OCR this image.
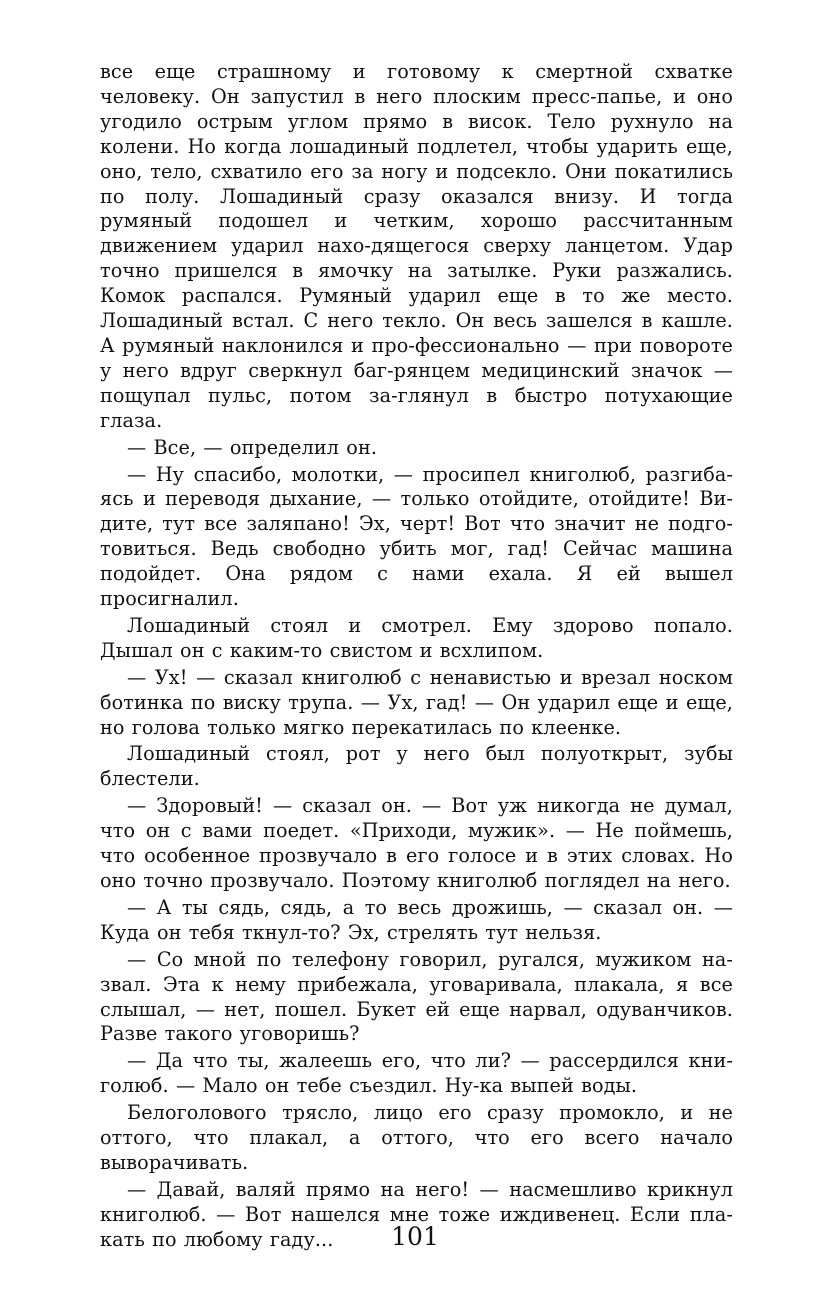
все еще страшному и готовому к смертной схватке человеку. Он запустил в него плоским пресс-папье, и оно угодило острым углом прямо в висок. Тело рухнуло на колени. Но когда лошадиный подлетел, чтобы ударить еще, оно, тело, схватило его за ногу и подсекло. Они покатились по полу. Лошадиный сразу оказался внизу. И тогда румяный подошел и четким, хорошо рассчитанным движением ударил нахо-дящегося сверху ланцетом. Удар точно пришелся в ямочку на затылке. Руки разжались. Комок распался. Румяный ударил еще в то же место. Лошадиный встал. С него текло. Он весь зашелся в кашле. А румяный наклонился и про-фессионально — при повороте у него вдруг сверкнул баг-рянцем медицинский значок — пощупал пульс, потом за-глянул в быстро потухающие глаза.

— Все, — определил он.

— Ну спасибо, молотки, — просипел книголюб, разгиба-ясь и переводя дыхание, — только отойдите, отойдите! Ви-дите, тут все заляпано! Эх, черт! Вот что значит не подго-товиться. Ведь свободно убить мог, гад! Сейчас машина подойдет. Она рядом с нами ехала. Я ей вышел просигналил.

Лошадиный стоял и смотрел. Ему здорово попало. Дышал он с каким-то свистом и всхлипом.

— Ух! — сказал книголюб с ненавистью и врезал носком ботинка по виску трупа. — Ух, гад! — Он ударил еще и еще, но голова только мягко перекатилась по клеенке.

Лошадиный стоял, рот у него был полуоткрыт, зубы блестели.

— Здоровый! — сказал он. — Вот уж никогда не думал, что он с вами поедет. «Приходи, мужик». — Не поймешь, что особенное прозвучало в его голосе и в этих словах. Но оно точно прозвучало. Поэтому книголюб поглядел на него.

— А ты сядь, сядь, а то весь дрожишь, — сказал он. — Куда он тебя ткнул-то? Эх, стрелять тут нельзя.

— Со мной по телефону говорил, ругался, мужиком на-звал. Эта к нему прибежала, уговаривала, плакала, я все слышал, — нет, пошел. Букет ей еще нарвал, одуванчиков. Разве такого уговоришь?

— Да что ты, жалеешь его, что ли? — рассердился кни-голюб. — Мало он тебе съездил. Ну-ка выпей воды.

Белоголового трясло, лицо его сразу промокло, и не оттого, что плакал, а оттого, что его всего начало выворачивать.

— Давай, валяй прямо на него! — насмешливо крикнул книголюб. — Вот нашелся мне тоже иждивенец. Если пла-кать по любому гаду...	101
